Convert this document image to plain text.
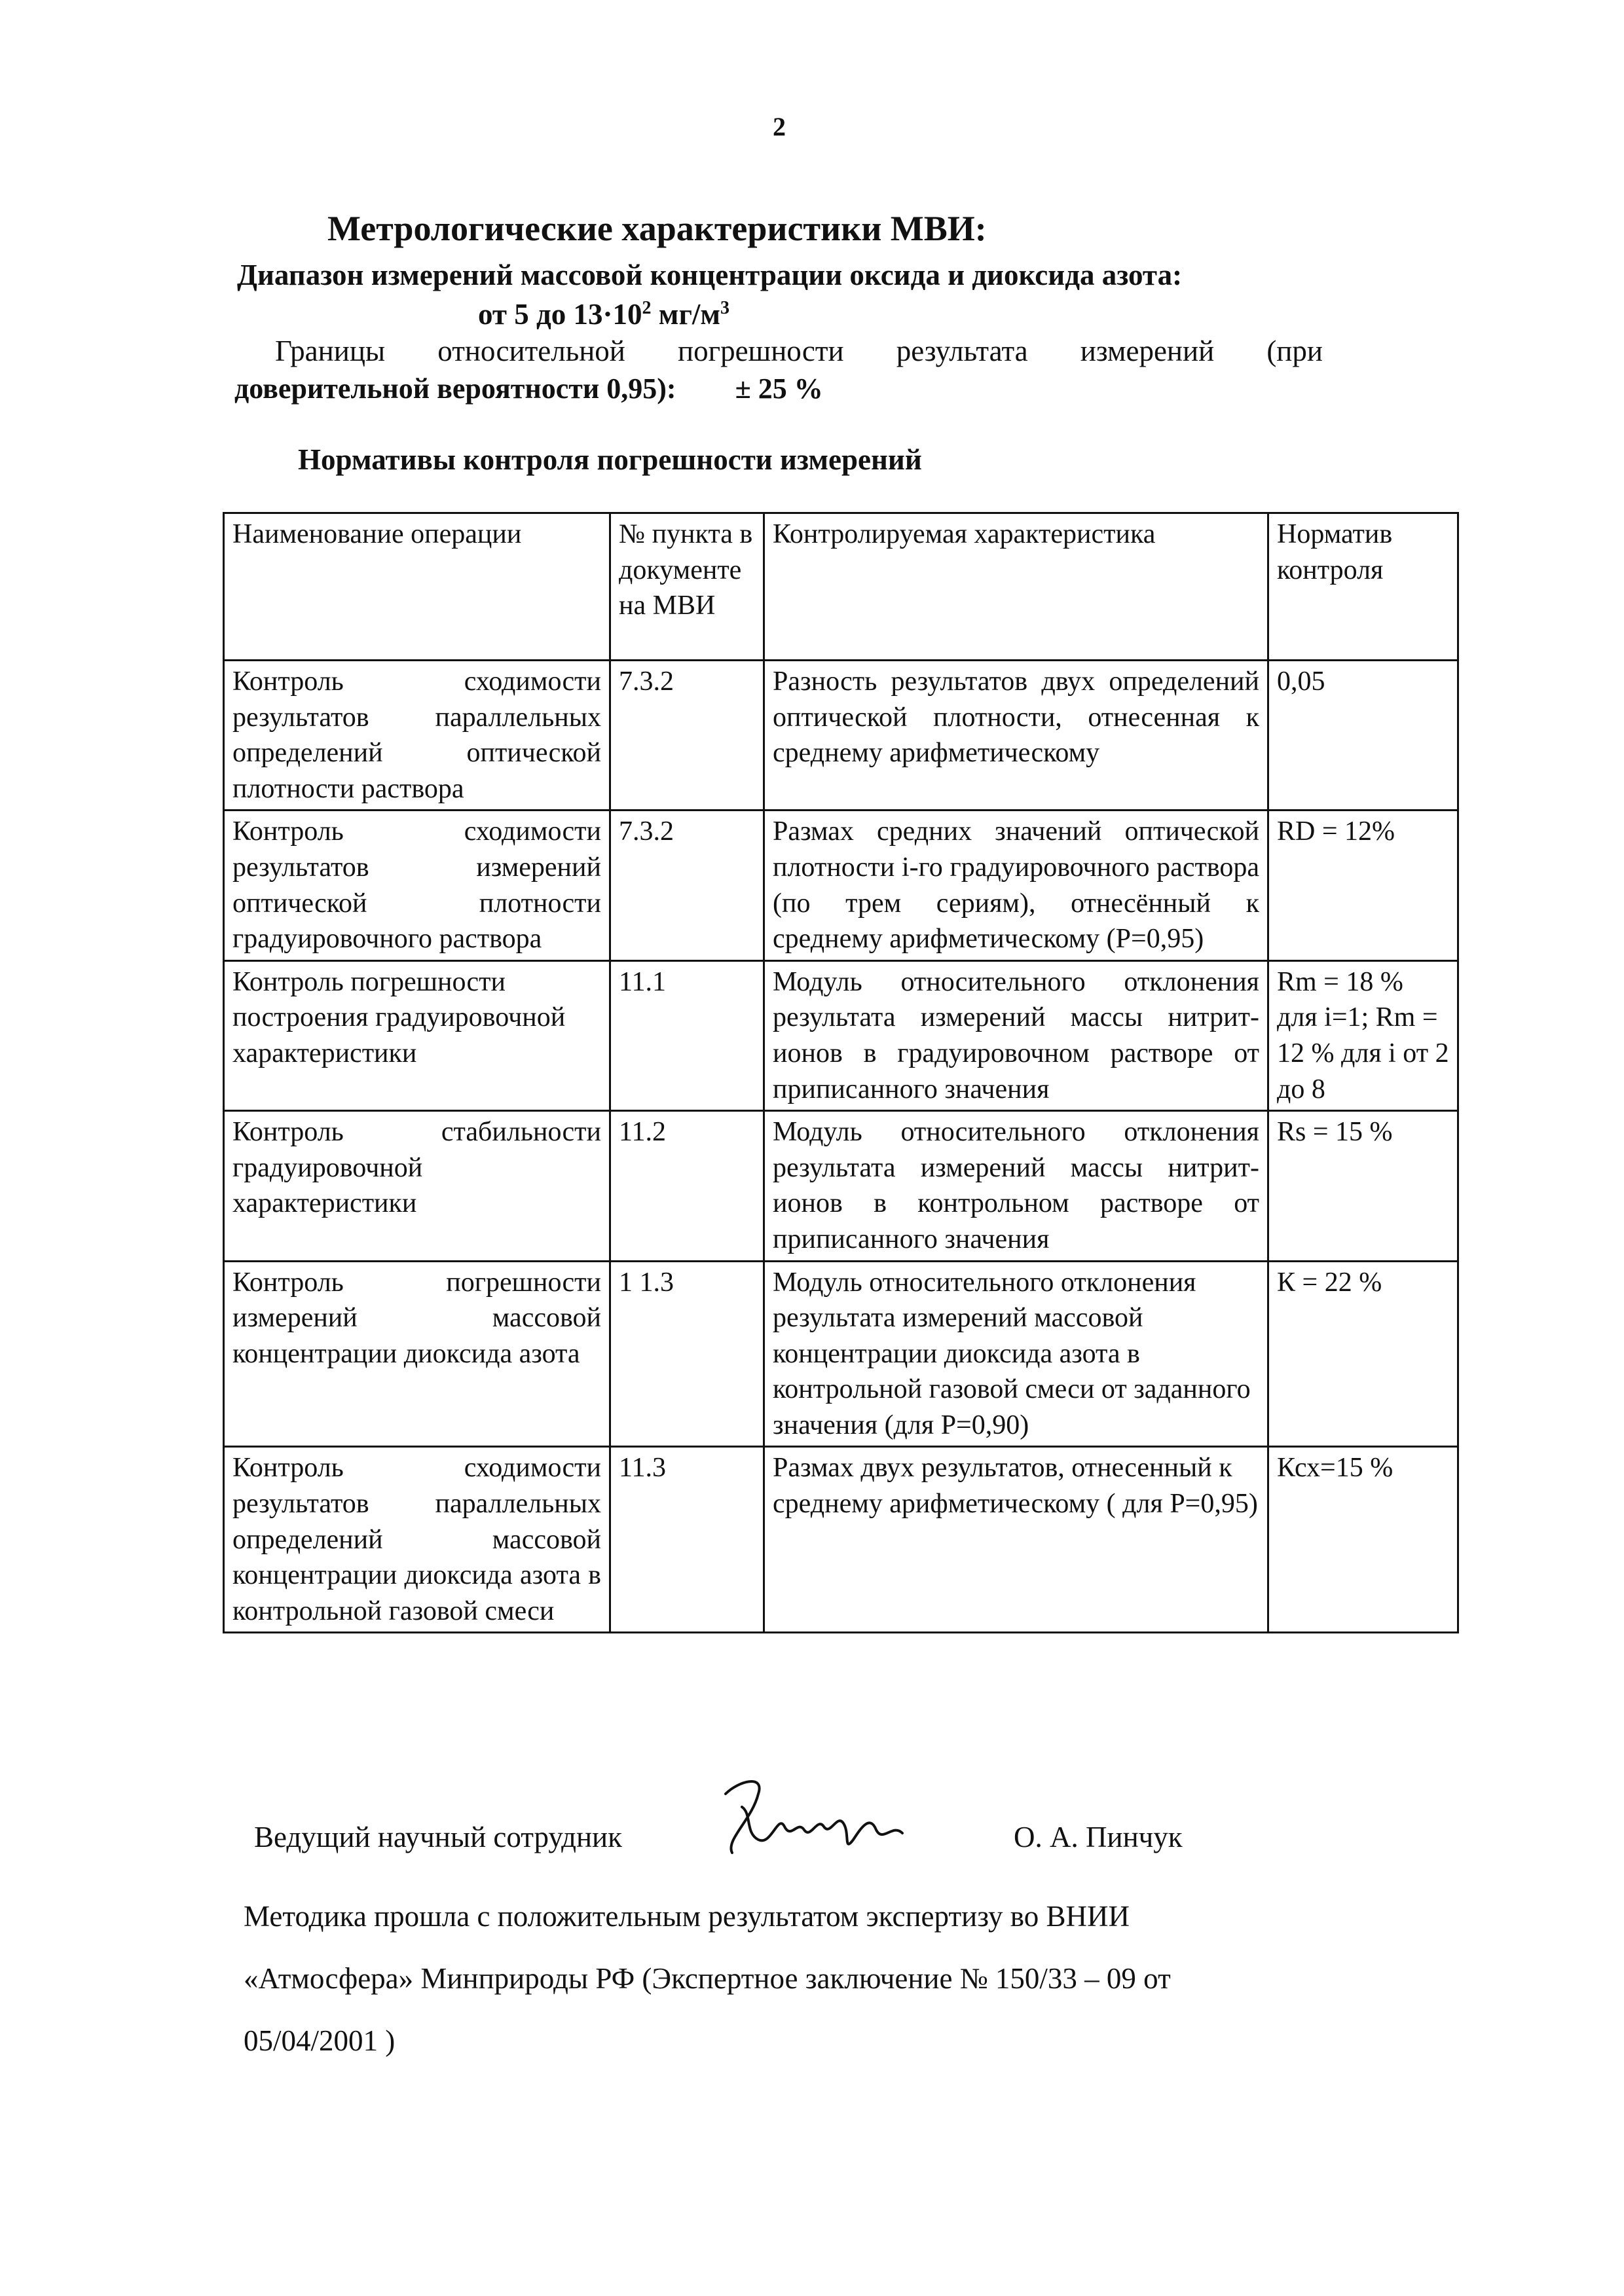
2
Метрологические характеристики МВИ:
Диапазон измерений массовой концентрации оксида и диоксида азота:
от 5 до $13\cdot 10^2$ $мг/м^3$
Границы относительной погрешности результата измерений (при
доверительной вероятности 0,95): ± 25 %
Нормативы контроля погрешности измерений
Наименование операции	№ пункта в документе на МВИ	Контролируемая характеристика	Норматив контроля
Контроль сходимости результатов параллельных определений оптической плотности раствора	7.3.2	Разность результатов двух определений оптической плотности, отнесенная к среднему арифметическому	0,05
Контроль сходимости результатов измерений оптической плотности градуировочного раствора	7.3.2	Размах средних значений оптической плотности i-го градуировочного раствора (по трем сериям), отнесённый к среднему арифметическому (Р=0,95)	RD = 12%
Контроль погрешности построения градуировочной характеристики	11.1	Модуль относительного отклонения результата измерений массы нитрит-ионов в градуировочном растворе от приписанного значения	Rm = 18 % для i=1; Rm = 12 % для i от 2 до 8
Контроль стабильности градуировочной характеристики	11.2	Модуль относительного отклонения результата измерений массы нитрит-ионов в контрольном растворе от приписанного значения	Rs = 15 %
Контроль погрешности измерений массовой концентрации диоксида азота	1 1.3	Модуль относительного отклонения результата измерений массовой концентрации диоксида азота в контрольной газовой смеси от заданного значения (для Р=0,90)	К = 22 %
Контроль сходимости результатов параллельных определений массовой концентрации диоксида азота в контрольной газовой смеси	11.3	Размах двух результатов, отнесенный к среднему арифметическому ( для Р=0,95)	Ксх=15 %
Ведущий научный сотрудник	О. А. Пинчук
Методика прошла с положительным результатом экспертизу во ВНИИ
«Атмосфера» Минприроды РФ (Экспертное заключение № 150/33 – 09 от
05/04/2001 )
